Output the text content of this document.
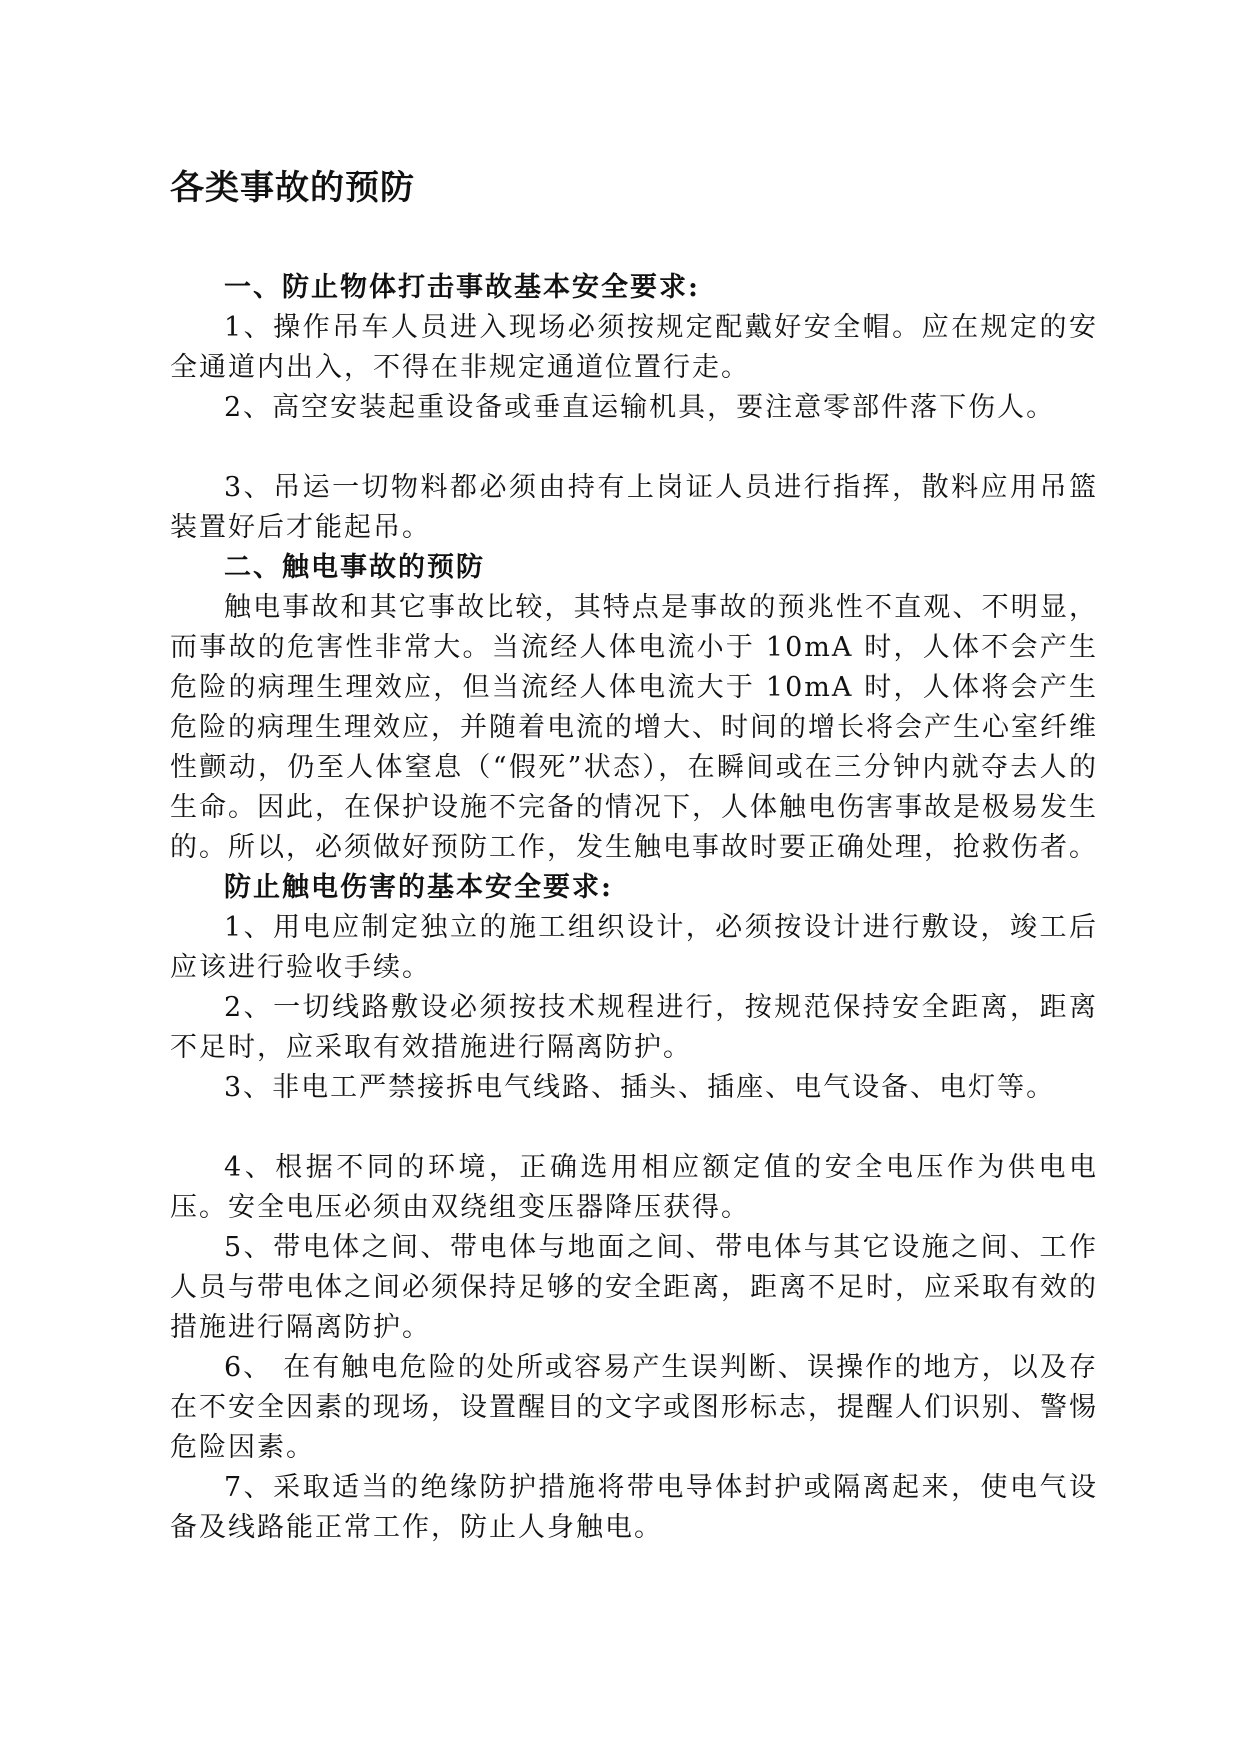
各类事故的预防

一、防止物体打击事故基本安全要求:

1、操作吊车人员进入现场必须按规定配戴好安全帽。应在规定的安全通道内出入，不得在非规定通道位置行走。

2、高空安装起重设备或垂直运输机具，要注意零部件落下伤人。

3、吊运一切物料都必须由持有上岗证人员进行指挥，散料应用吊篮装置好后才能起吊。

二、触电事故的预防

触电事故和其它事故比较，其特点是事故的预兆性不直观、不明显，而事故的危害性非常大。当流经人体电流小于 10mA 时，人体不会产生危险的病理生理效应，但当流经人体电流大于 10mA 时，人体将会产生危险的病理生理效应，并随着电流的增大、时间的增长将会产生心室纤维性颤动，仍至人体窒息（“假死”状态），在瞬间或在三分钟内就夺去人的生命。因此，在保护设施不完备的情况下，人体触电伤害事故是极易发生的。所以，必须做好预防工作，发生触电事故时要正确处理，抢救伤者。

防止触电伤害的基本安全要求:

1、用电应制定独立的施工组织设计，必须按设计进行敷设，竣工后应该进行验收手续。

2、一切线路敷设必须按技术规程进行，按规范保持安全距离，距离不足时，应采取有效措施进行隔离防护。

3、非电工严禁接拆电气线路、插头、插座、电气设备、电灯等。

4、根据不同的环境，正确选用相应额定值的安全电压作为供电电压。安全电压必须由双绕组变压器降压获得。

5、带电体之间、带电体与地面之间、带电体与其它设施之间、工作人员与带电体之间必须保持足够的安全距离，距离不足时，应采取有效的措施进行隔离防护。

6、 在有触电危险的处所或容易产生误判断、误操作的地方，以及存在不安全因素的现场，设置醒目的文字或图形标志，提醒人们识别、警惕危险因素。

7、采取适当的绝缘防护措施将带电导体封护或隔离起来，使电气设备及线路能正常工作，防止人身触电。
